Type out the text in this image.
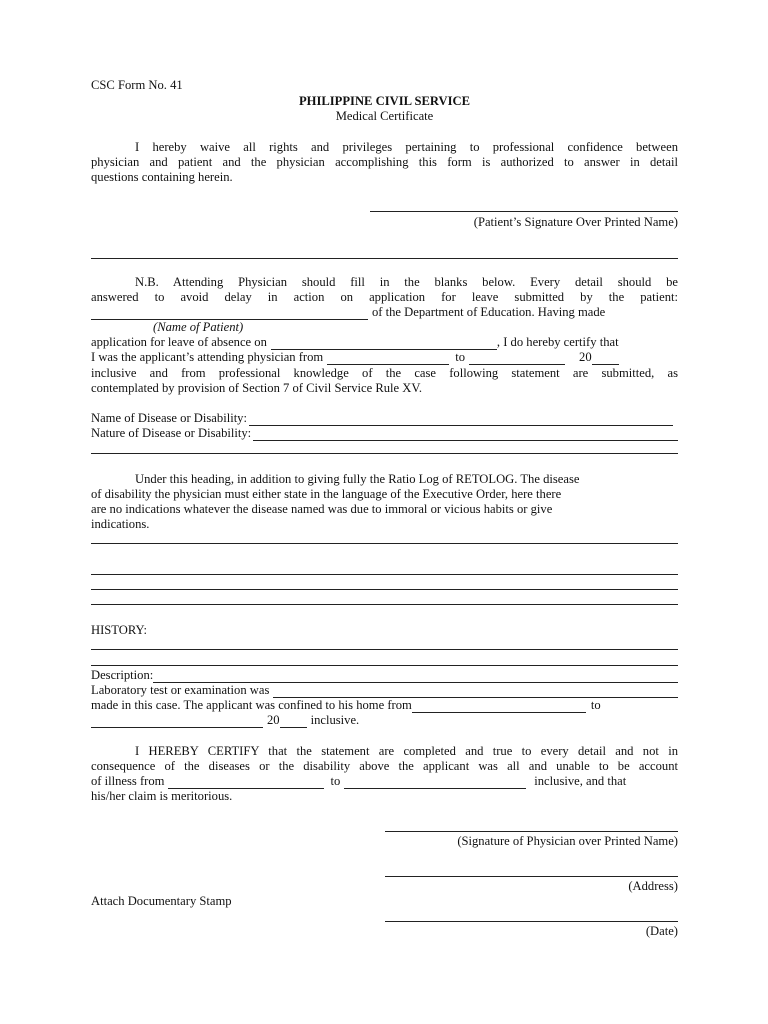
CSC Form No. 41
PHILIPPINE CIVIL SERVICE
Medical Certificate
I hereby waive all rights and privileges pertaining to professional confidence between
physician and patient and the physician accomplishing this form is authorized to answer in detail
questions containing herein.
(Patient’s Signature Over Printed Name)
N.B. Attending Physician should fill in the blanks below. Every detail should be
answered to avoid delay in action on application for leave submitted by the patient:
of the Department of Education. Having made
(Name of Patient)
application for leave of absence on	, I do hereby certify that
I was the applicant’s attending physician from	to	20
inclusive and from professional knowledge of the case following statement are submitted, as
contemplated by provision of Section 7 of Civil Service Rule XV.
Name of Disease or Disability:
Nature of Disease or Disability:
Under this heading, in addition to giving fully the Ratio Log of RETOLOG. The disease
of disability the physician must either state in the language of the Executive Order, here there
are no indications whatever the disease named was due to immoral or vicious habits or give
indications.
HISTORY:
Description:
Laboratory test or examination was
made in this case. The applicant was confined to his home from	to
20 inclusive.
I HEREBY CERTIFY that the statement are completed and true to every detail and not in
consequence of the diseases or the disability above the applicant was all and unable to be account
of illness from	to	inclusive, and that
his/her claim is meritorious.
(Signature of Physician over Printed Name)
(Address)
Attach Documentary Stamp
(Date)
